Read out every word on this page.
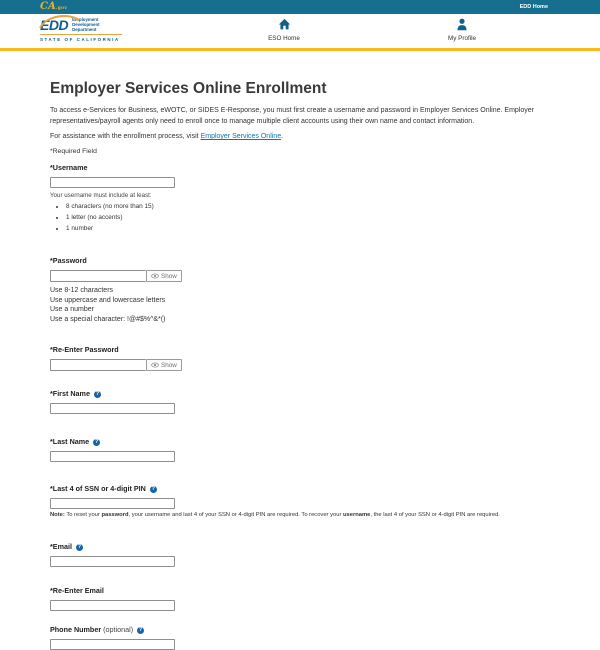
CA.gov	EDD Home
EDD Employment
Development
Department
STATE OF CALIFORNIA	ESO Home	My Profile
Employer Services Online Enrollment

To access e-Services for Business, eWOTC, or SIDES E-Response, you must first create a username and password in Employer Services Online. Employer representatives/payroll agents only need to enroll once to manage multiple client accounts using their own name and contact information.

For assistance with the enrollment process, visit Employer Services Online.

*Required Field

*Username
Your username must include at least:
• 8 characters (no more than 15)
• 1 letter (no accents)
• 1 number
*Password
Show
Use 8-12 characters
Use uppercase and lowercase letters
Use a number
Use a special character: !@#$%^&*()
*Re-Enter Password
Show
*First Name ?
*Last Name ?
*Last 4 of SSN or 4-digit PIN ?
Note: To reset your password, your username and last 4 of your SSN or 4-digit PIN are required. To recover your username, the last 4 of your SSN or 4-digit PIN are required.
*Email ?
*Re-Enter Email
Phone Number (optional) ?
